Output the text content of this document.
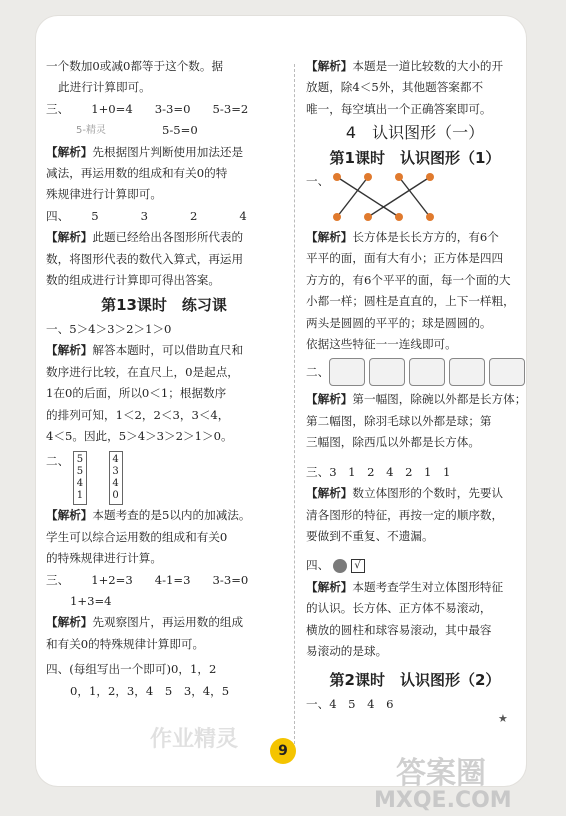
一个数加0或减0都等于这个数。据
此进行计算即可。
三、 1+0=4 3-3=0 5-3=2
5-精灵	5-5=0
【解析】先根据图片判断使用加法还是
减法，再运用数的组成和有关0的特
殊规律进行计算即可。
四、 5	3	2	4
【解析】此题已经给出各图形所代表的
数，将图形代表的数代入算式，再运用
数的组成进行计算即可得出答案。
第13课时　练习课
一、5＞4＞3＞2＞1＞0
【解析】解答本题时，可以借助直尺和
数序进行比较，在直尺上，0是起点，
1在0的后面，所以0＜1；根据数序
的排列可知，1＜2，2＜3，3＜4，
4＜5。因此，5＞4＞3＞2＞1＞0。
二、 5
5
4
1

4
3
4
0
【解析】本题考查的是5以内的加减法。
学生可以综合运用数的组成和有关0
的特殊规律进行计算。
三、 1+2=3 4-1=3 3-3=0
1+3=4
【解析】先观察图片，再运用数的组成
和有关0的特殊规律计算即可。
四、(每组写出一个即可)0，1，2
0，1，2，3，4　5　3，4，5
【解析】本题是一道比较数的大小的开
放题，除4＜5外，其他题答案都不
唯一，每空填出一个正确答案即可。
4　认识图形（一）
第1课时　认识图形（1）
一、
【解析】长方体是长长方方的，有6个
平平的面，面有大有小；正方体是四四
方方的，有6个平平的面，每一个面的大
小都一样；圆柱是直直的，上下一样粗，
两头是圆圆的平平的；球是圆圆的。
依据这些特征一一连线即可。
二、
【解析】第一幅图，除碗以外都是长方体；
第二幅图，除羽毛球以外都是球；第
三幅图，除西瓜以外都是长方体。
三、3　1　2　4　2　1　1
【解析】数立体图形的个数时，先要认
清各图形的特征，再按一定的顺序数，
要做到不重复、不遗漏。
四、	√
【解析】本题考查学生对立体图形特征
的认识。长方体、正方体不易滚动，
横放的圆柱和球容易滚动，其中最容
易滚动的是球。
第2课时　认识图形（2）
一、4　5　4　6
9
★
答案圈
MXQE.COM
作业精灵
